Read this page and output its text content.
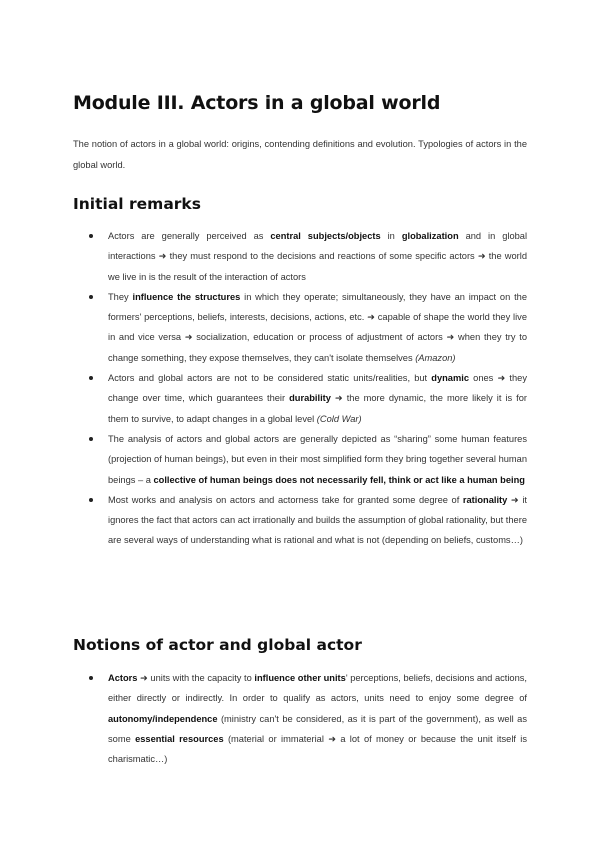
Module III. Actors in a global world

The notion of actors in a global world: origins, contending definitions and evolution. Typologies of actors in the global world.

Initial remarks
Actors are generally perceived as central subjects/objects in globalization and in global interactions ➜ they must respond to the decisions and reactions of some specific actors ➜ the world we live in is the result of the interaction of actors
They influence the structures in which they operate; simultaneously, they have an impact on the formers' perceptions, beliefs, interests, decisions, actions, etc. ➜ capable of shape the world they live in and vice versa ➜ socialization, education or process of adjustment of actors ➜ when they try to change something, they expose themselves, they can't isolate themselves (Amazon)
Actors and global actors are not to be considered static units/realities, but dynamic ones ➜ they change over time, which guarantees their durability ➜ the more dynamic, the more likely it is for them to survive, to adapt changes in a global level (Cold War)
The analysis of actors and global actors are generally depicted as “sharing” some human features (projection of human beings), but even in their most simplified form they bring together several human beings – a collective of human beings does not necessarily fell, think or act like a human being
Most works and analysis on actors and actorness take for granted some degree of rationality ➜ it ignores the fact that actors can act irrationally and builds the assumption of global rationality, but there are several ways of understanding what is rational and what is not (depending on beliefs, customs…)
Notions of actor and global actor
Actors ➜ units with the capacity to influence other units' perceptions, beliefs, decisions and actions, either directly or indirectly. In order to qualify as actors, units need to enjoy some degree of autonomy/independence (ministry can't be considered, as it is part of the government), as well as some essential resources (material or immaterial ➜ a lot of money or because the unit itself is charismatic…)
